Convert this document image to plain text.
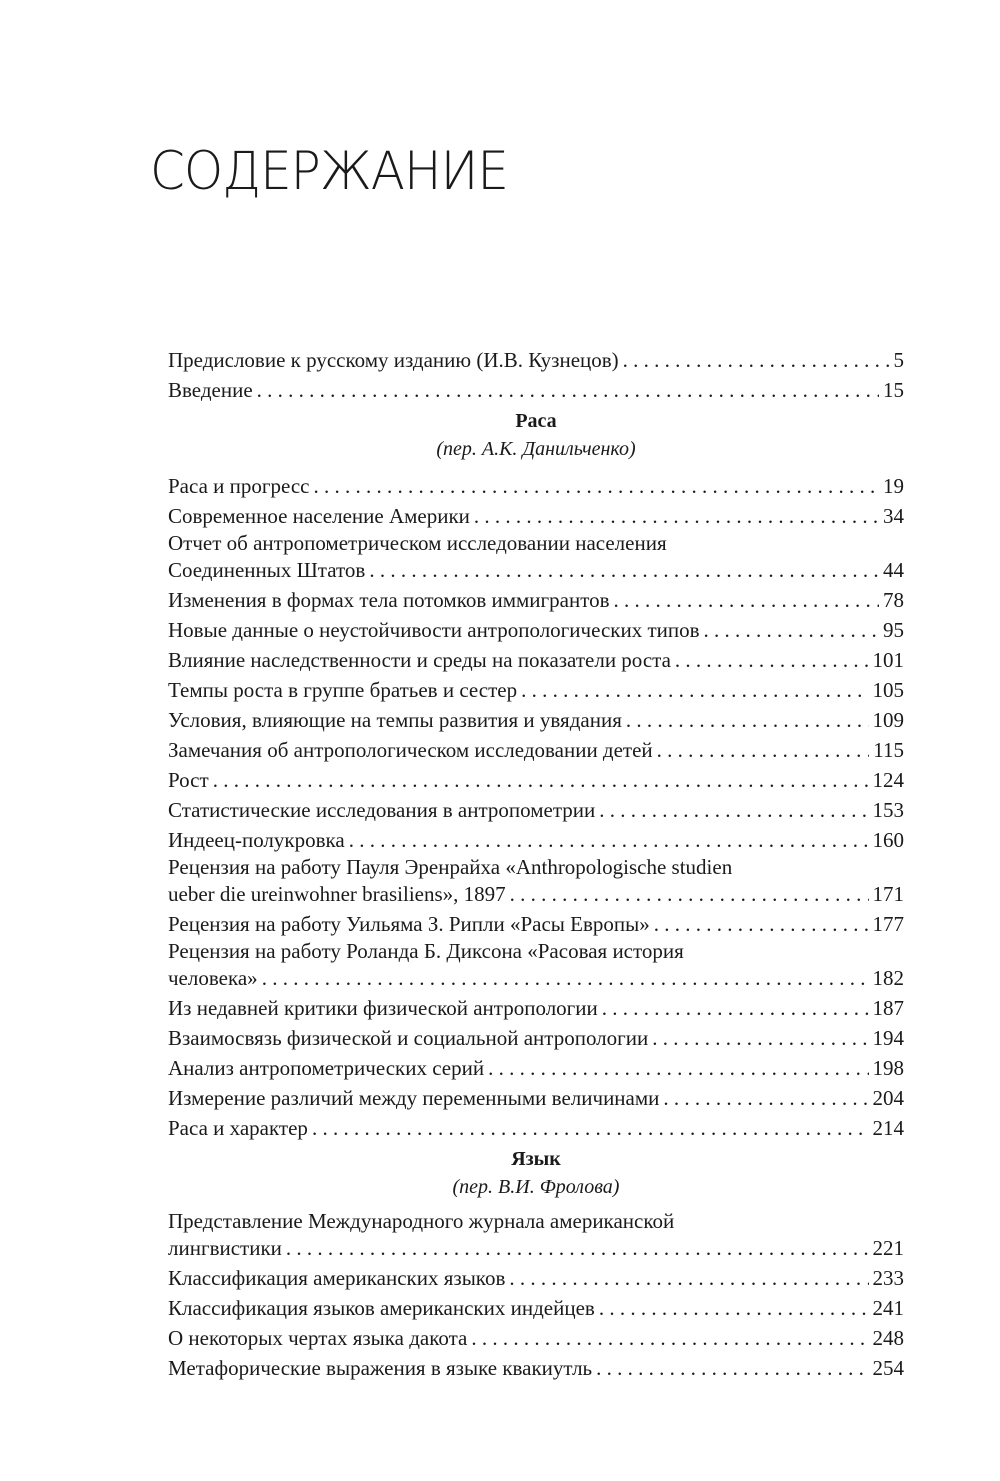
СОДЕРЖАНИЕ
Предисловие к русскому изданию (И.В. Кузнецов) . . .	5
Введение . . .	15
Раса
(пер. А.К. Данильченко)
Раса и прогресс . . .	19
Современное население Америки . . .	34
Отчет об антропометрическом исследовании населения
Соединенных Штатов . . .	44
Изменения в формах тела потомков иммигрантов . . .	78
Новые данные о неустойчивости антропологических типов . . .	95
Влияние наследственности и среды на показатели роста . . .	101
Темпы роста в группе братьев и сестер . . .	105
Условия, влияющие на темпы развития и увядания . . .	109
Замечания об антропологическом исследовании детей . . .	115
Рост . . .	124
Статистические исследования в антропометрии . . .	153
Индеец-полукровка . . .	160
Рецензия на работу Пауля Эренрайха «Anthropologische studien
ueber die ureinwohner brasiliens», 1897 . . .	171
Рецензия на работу Уильяма З. Рипли «Расы Европы» . . .	177
Рецензия на работу Роланда Б. Диксона «Расовая история
человека» . . .	182
Из недавней критики физической антропологии . . .	187
Взаимосвязь физической и социальной антропологии . . .	194
Анализ антропометрических серий . . .	198
Измерение различий между переменными величинами . . .	204
Раса и характер . . .	214
Язык
(пер. В.И. Фролова)
Представление Международного журнала американской
лингвистики . . .	221
Классификация американских языков . . .	233
Классификация языков американских индейцев . . .	241
О некоторых чертах языка дакота . . .	248
Метафорические выражения в языке квакиутль . . .	254
